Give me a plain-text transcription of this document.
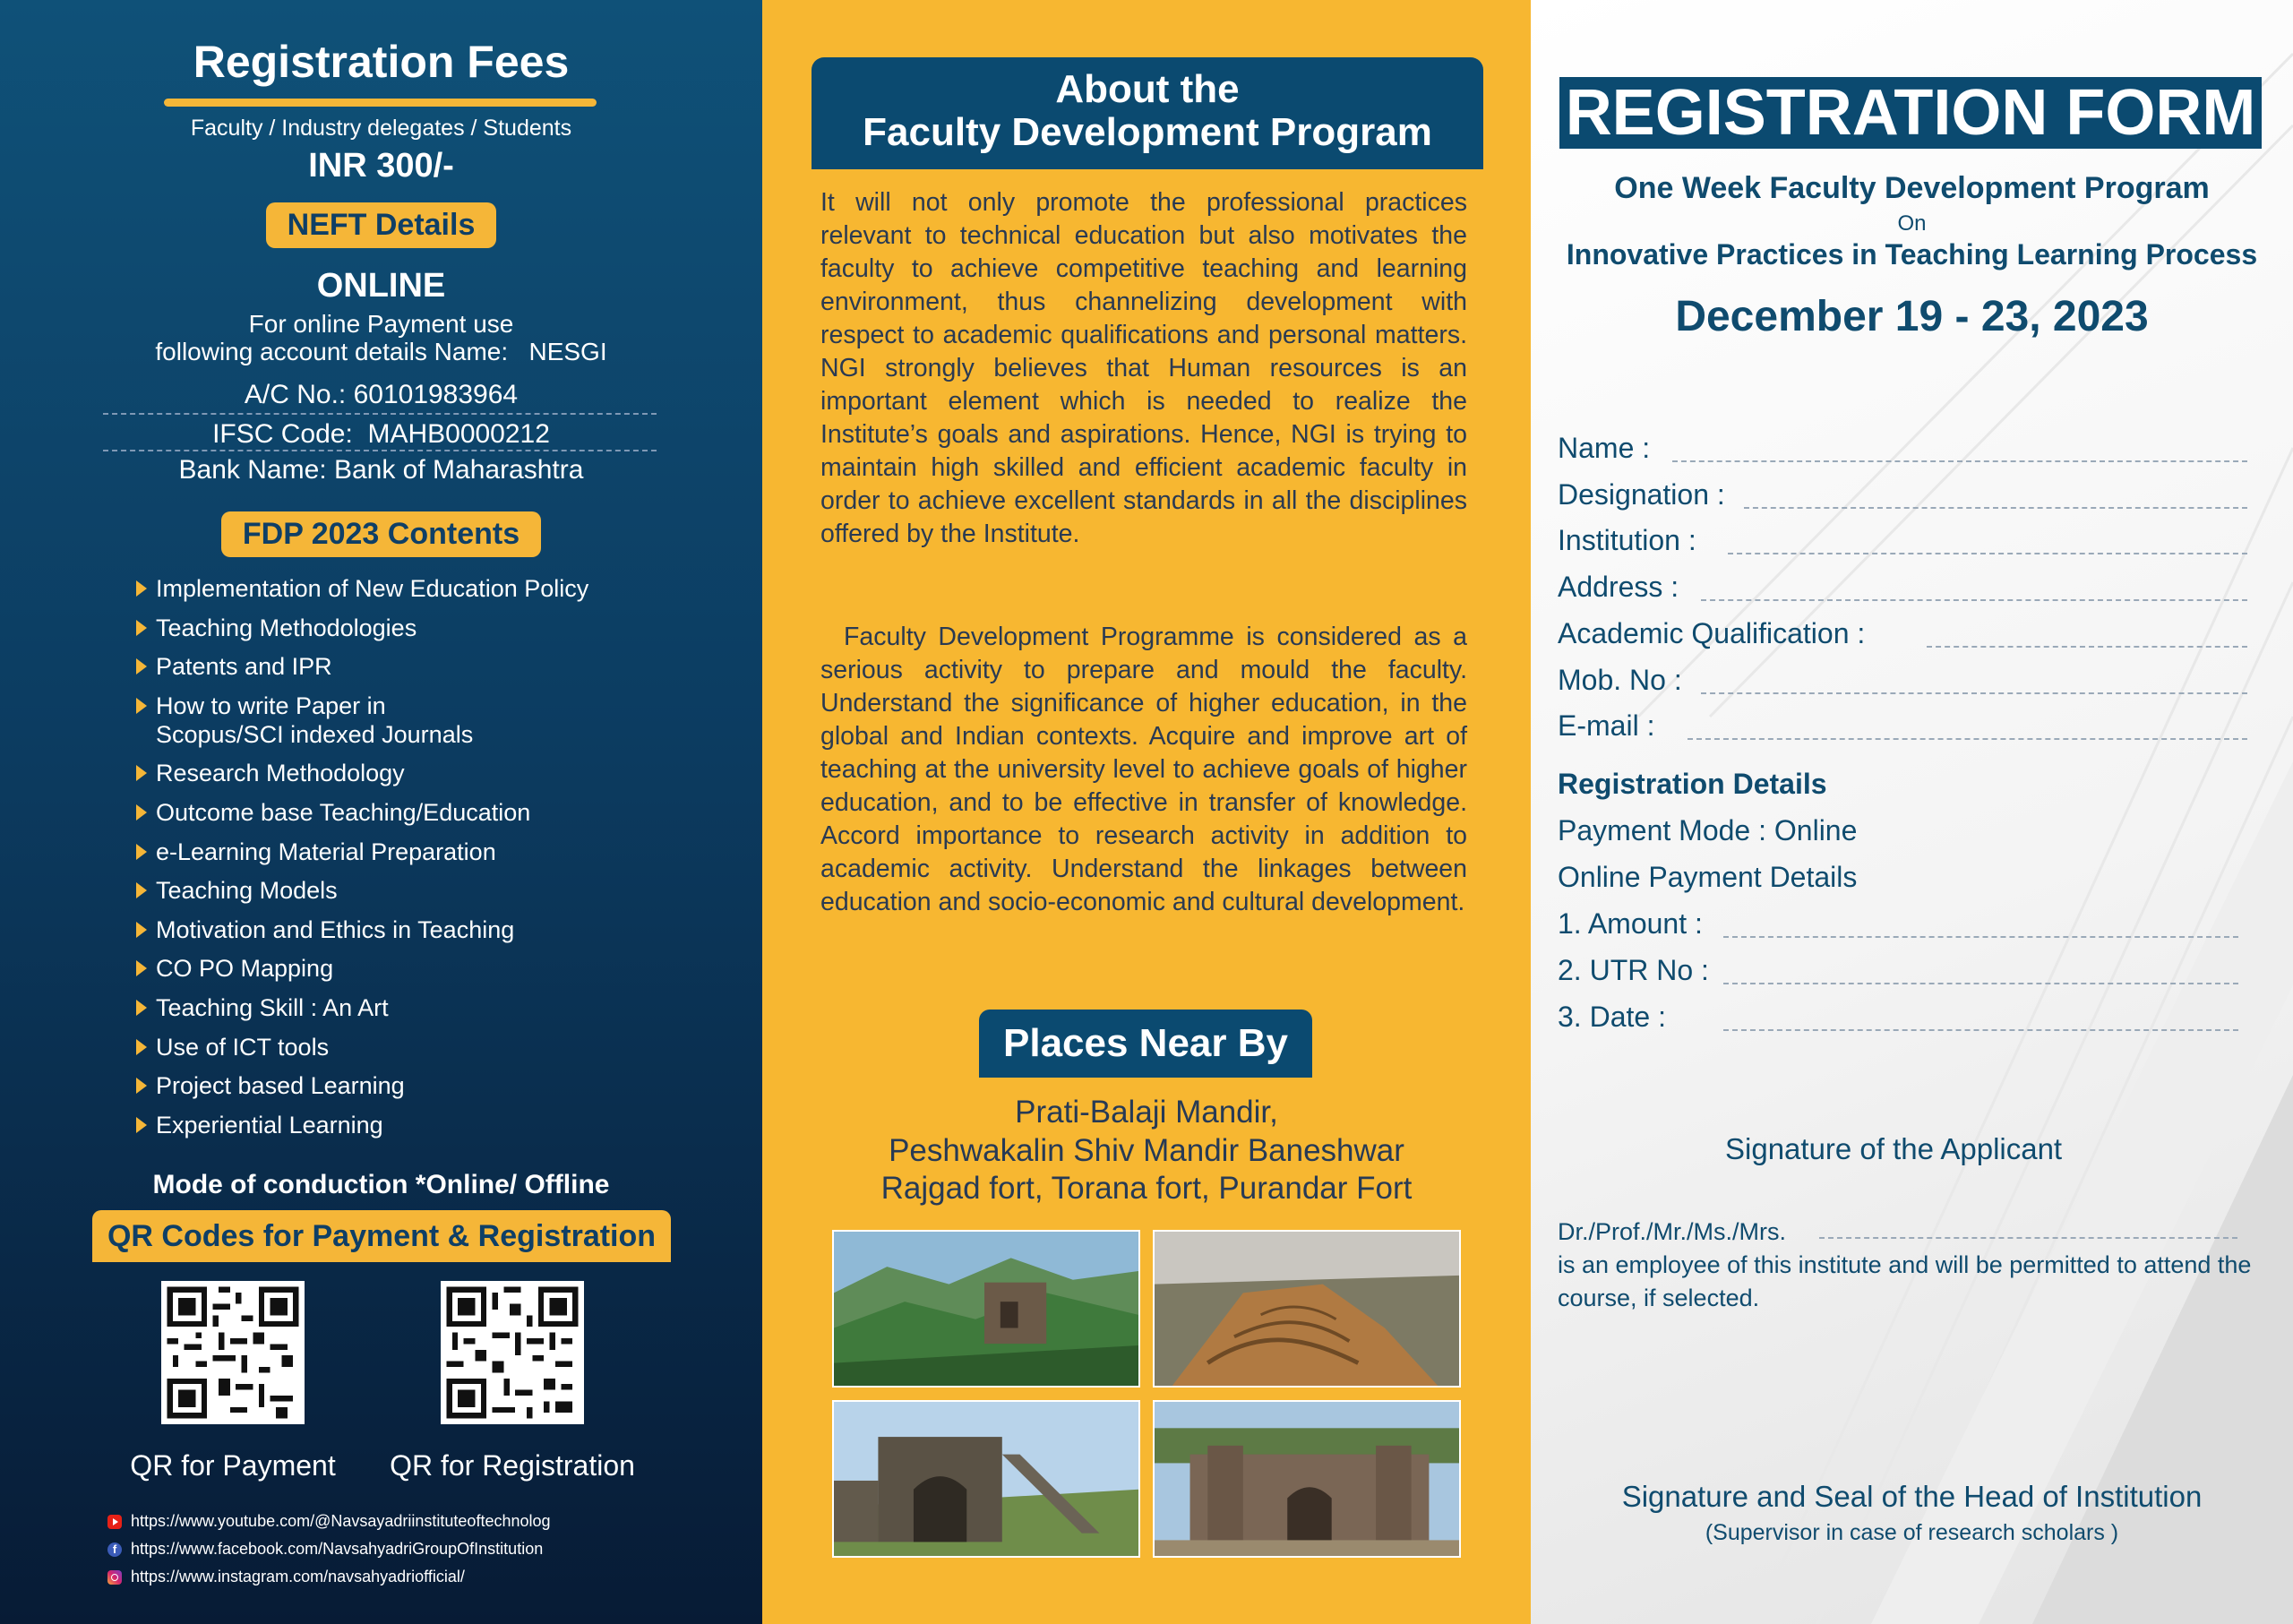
Registration Fees
Faculty / Industry delegates / Students
INR 300/-
NEFT Details
ONLINE
For online Payment use
following account details Name:   NESGI
A/C No.: 60101983964
IFSC Code:  MAHB0000212
Bank Name: Bank of Maharashtra
FDP 2023 Contents
Implementation of New Education Policy
Teaching Methodologies
Patents and IPR
How to write Paper in
Scopus/SCI indexed Journals
Research Methodology
Outcome base Teaching/Education
e-Learning Material Preparation
Teaching Models
Motivation and Ethics in Teaching
CO PO Mapping
Teaching Skill : An Art
Use of ICT tools
Project based Learning
Experiential Learning
Mode of conduction *Online/ Offline
QR Codes for Payment & Registration
QR for Payment	QR for Registration
https://www.youtube.com/@Navsayadriinstituteoftechnolog
f https://www.facebook.com/NavsahyadriGroupOfInstitution
https://www.instagram.com/navsahyadriofficial/
About the
Faculty Development Program
It will not only promote the professional practices relevant to technical education but also motivates the faculty to achieve competitive teaching and learning environment, thus channelizing development with respect to academic qualifications and personal matters. NGI strongly believes that Human resources is an important element which is needed to realize the Institute’s goals and aspirations. Hence, NGI is trying to maintain high skilled and efficient academic faculty in order to achieve excellent standards in all the disciplines offered by the Institute.
Faculty Development Programme is considered as a serious activity to prepare and mould the faculty. Understand the significance of higher education, in the global and Indian contexts. Acquire and improve art of teaching at the university level to achieve goals of higher education, and to be effective in transfer of knowledge. Accord importance to research activity in addition to academic activity. Understand the linkages between education and socio-economic and cultural development.
Places Near By
Prati-Balaji Mandir,
Peshwakalin Shiv Mandir Baneshwar
Rajgad fort, Torana fort, Purandar Fort
REGISTRATION FORM
One Week Faculty Development Program
On
Innovative Practices in Teaching Learning Process
December 19 - 23, 2023
Name :
Designation :
Institution :
Address :
Academic Qualification :
Mob. No :
E-mail :
Registration Details
Payment Mode : Online
Online Payment Details
1. Amount :
2. UTR No :
3. Date :
Signature of the Applicant
Dr./Prof./Mr./Ms./Mrs.
is an employee of this institute and will be permitted to attend the course, if selected.
Signature and Seal of the Head of Institution
(Supervisor in case of research scholars )
